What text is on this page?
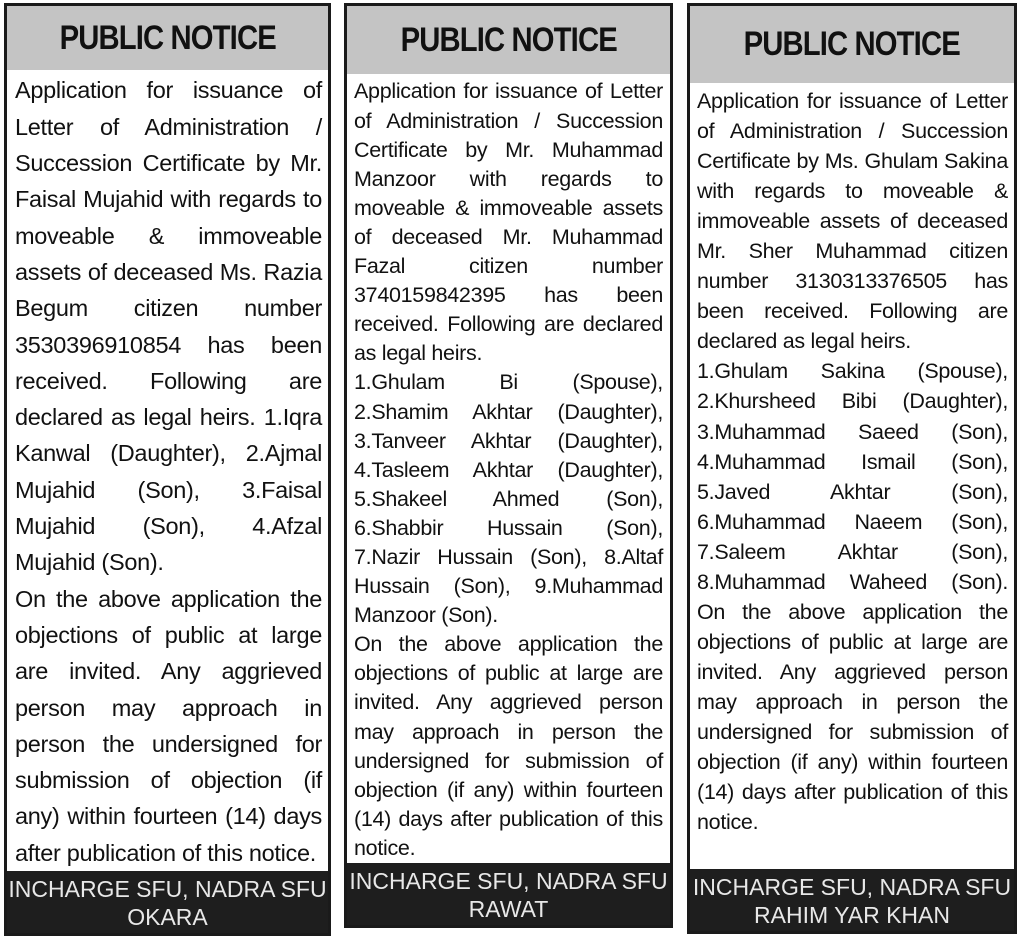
PUBLIC NOTICE

Application for issuance of Letter of Administration / Succession Certificate by Mr. Faisal Mujahid with regards to moveable & immoveable assets of deceased Ms. Razia Begum citizen number 3530396910854 has been received. Following are declared as legal heirs. 1.Iqra Kanwal (Daughter), 2.Ajmal Mujahid (Son), 3.Faisal Mujahid (Son), 4.Afzal Mujahid (Son).

On the above application the objections of public at large are invited. Any aggrieved person may approach in person the undersigned for submission of objection (if any) within fourteen (14) days after publication of this notice.

INCHARGE SFU, NADRA SFU
OKARA
PUBLIC NOTICE

Application for issuance of Letter of Administration / Succession Certificate by Mr. Muhammad Manzoor with regards to moveable & immoveable assets of deceased Mr. Muhammad Fazal citizen number 3740159842395 has been received. Following are declared as legal heirs.

1.Ghulam Bi (Spouse),
2.Shamim Akhtar (Daughter),
3.Tanveer Akhtar (Daughter),
4.Tasleem Akhtar (Daughter),
5.Shakeel Ahmed (Son),
6.Shabbir Hussain (Son),

7.Nazir Hussain (Son), 8.Altaf Hussain (Son), 9.Muhammad Manzoor (Son).

On the above application the objections of public at large are invited. Any aggrieved person may approach in person the undersigned for submission of objection (if any) within fourteen (14) days after publication of this notice.

INCHARGE SFU, NADRA SFU
RAWAT
PUBLIC NOTICE

Application for issuance of Letter of Administration / Succession Certificate by Ms. Ghulam Sakina with regards to moveable & immoveable assets of deceased Mr. Sher Muhammad citizen number 3130313376505 has been received. Following are declared as legal heirs.

1.Ghulam Sakina (Spouse),
2.Khursheed Bibi (Daughter),
3.Muhammad Saeed (Son),
4.Muhammad Ismail (Son),
5.Javed Akhtar (Son),
6.Muhammad Naeem (Son),
7.Saleem Akhtar (Son),
8.Muhammad Waheed (Son).

On the above application the objections of public at large are invited. Any aggrieved person may approach in person the undersigned for submission of objection (if any) within fourteen (14) days after publication of this notice.

INCHARGE SFU, NADRA SFU
RAHIM YAR KHAN
